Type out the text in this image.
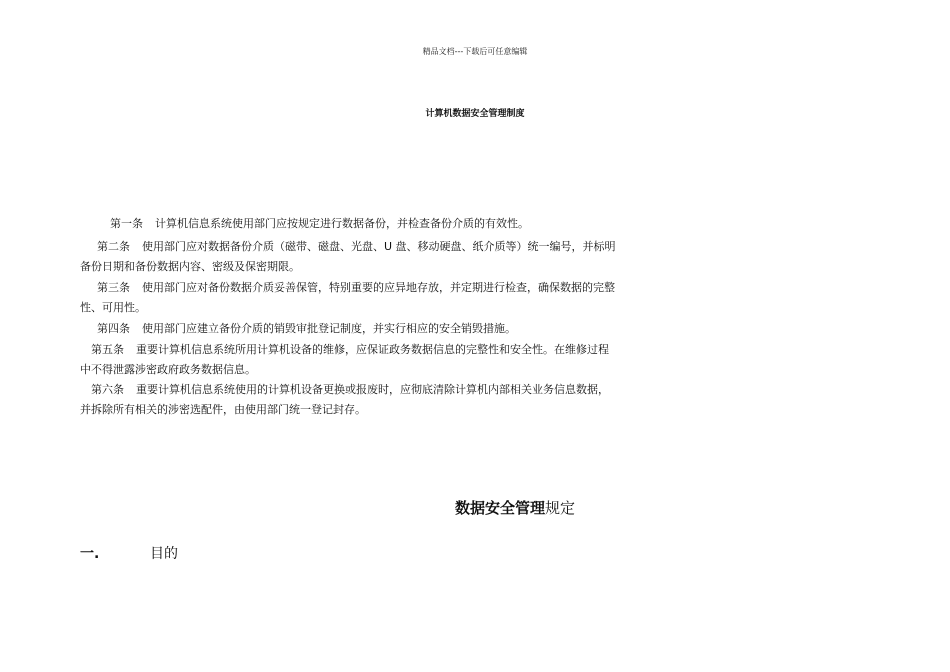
精品文档---下载后可任意编辑
计算机数据安全管理制度
第一条 计算机信息系统使用部门应按规定进行数据备份，并检查备份介质的有效性。
第二条 使用部门应对数据备份介质（磁带、磁盘、光盘、U 盘、移动硬盘、纸介质等）统一编号，并标明
备份日期和备份数据内容、密级及保密期限。
第三条 使用部门应对备份数据介质妥善保管，特别重要的应异地存放，并定期进行检查，确保数据的完整
性、可用性。
第四条 使用部门应建立备份介质的销毁审批登记制度，并实行相应的安全销毁措施。
第五条 重要计算机信息系统所用计算机设备的维修，应保证政务数据信息的完整性和安全性。在维修过程
中不得泄露涉密政府政务数据信息。
第六条 重要计算机信息系统使用的计算机设备更换或报废时，应彻底清除计算机内部相关业务信息数据，
并拆除所有相关的涉密选配件，由使用部门统一登记封存。
数据安全管理规定
一.	目的
